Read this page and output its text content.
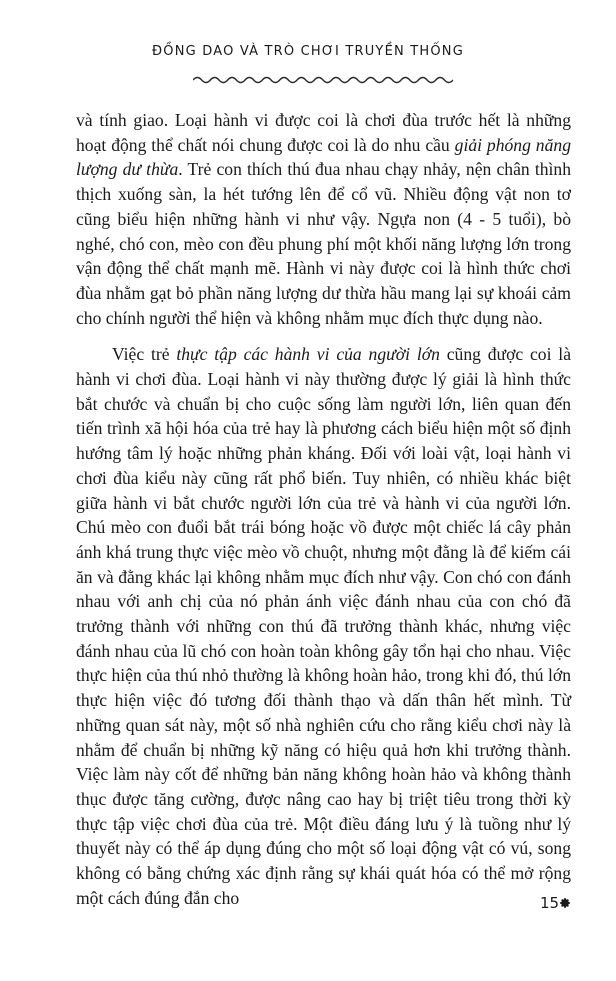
ĐỒNG DAO VÀ TRÒ CHƠI TRUYỀN THỐNG

và tính giao. Loại hành vi được coi là chơi đùa trước hết là những hoạt động thể chất nói chung được coi là do nhu cầu giải phóng năng lượng dư thừa. Trẻ con thích thú đua nhau chạy nhảy, nện chân thình thịch xuống sàn, la hét tướng lên để cổ vũ. Nhiều động vật non tơ cũng biểu hiện những hành vi như vậy. Ngựa non (4 - 5 tuổi), bò nghé, chó con, mèo con đều phung phí một khối năng lượng lớn trong vận động thể chất mạnh mẽ. Hành vi này được coi là hình thức chơi đùa nhằm gạt bỏ phần năng lượng dư thừa hầu mang lại sự khoái cảm cho chính người thể hiện và không nhằm mục đích thực dụng nào.

Việc trẻ thực tập các hành vi của người lớn cũng được coi là hành vi chơi đùa. Loại hành vi này thường được lý giải là hình thức bắt chước và chuẩn bị cho cuộc sống làm người lớn, liên quan đến tiến trình xã hội hóa của trẻ hay là phương cách biểu hiện một số định hướng tâm lý hoặc những phản kháng. Đối với loài vật, loại hành vi chơi đùa kiểu này cũng rất phổ biến. Tuy nhiên, có nhiều khác biệt giữa hành vi bắt chước người lớn của trẻ và hành vi của người lớn. Chú mèo con đuổi bắt trái bóng hoặc vồ được một chiếc lá cây phản ánh khá trung thực việc mèo vồ chuột, nhưng một đằng là để kiếm cái ăn và đằng khác lại không nhằm mục đích như vậy. Con chó con đánh nhau với anh chị của nó phản ánh việc đánh nhau của con chó đã trưởng thành với những con thú đã trưởng thành khác, nhưng việc đánh nhau của lũ chó con hoàn toàn không gây tổn hại cho nhau. Việc thực hiện của thú nhỏ thường là không hoàn hảo, trong khi đó, thú lớn thực hiện việc đó tương đối thành thạo và dấn thân hết mình. Từ những quan sát này, một số nhà nghiên cứu cho rằng kiểu chơi này là nhằm để chuẩn bị những kỹ năng có hiệu quả hơn khi trưởng thành. Việc làm này cốt để những bản năng không hoàn hảo và không thành thục được tăng cường, được nâng cao hay bị triệt tiêu trong thời kỳ thực tập việc chơi đùa của trẻ. Một điều đáng lưu ý là tuồng như lý thuyết này có thể áp dụng đúng cho một số loại động vật có vú, song không có bằng chứng xác định rằng sự khái quát hóa có thể mở rộng một cách đúng đắn cho	15
